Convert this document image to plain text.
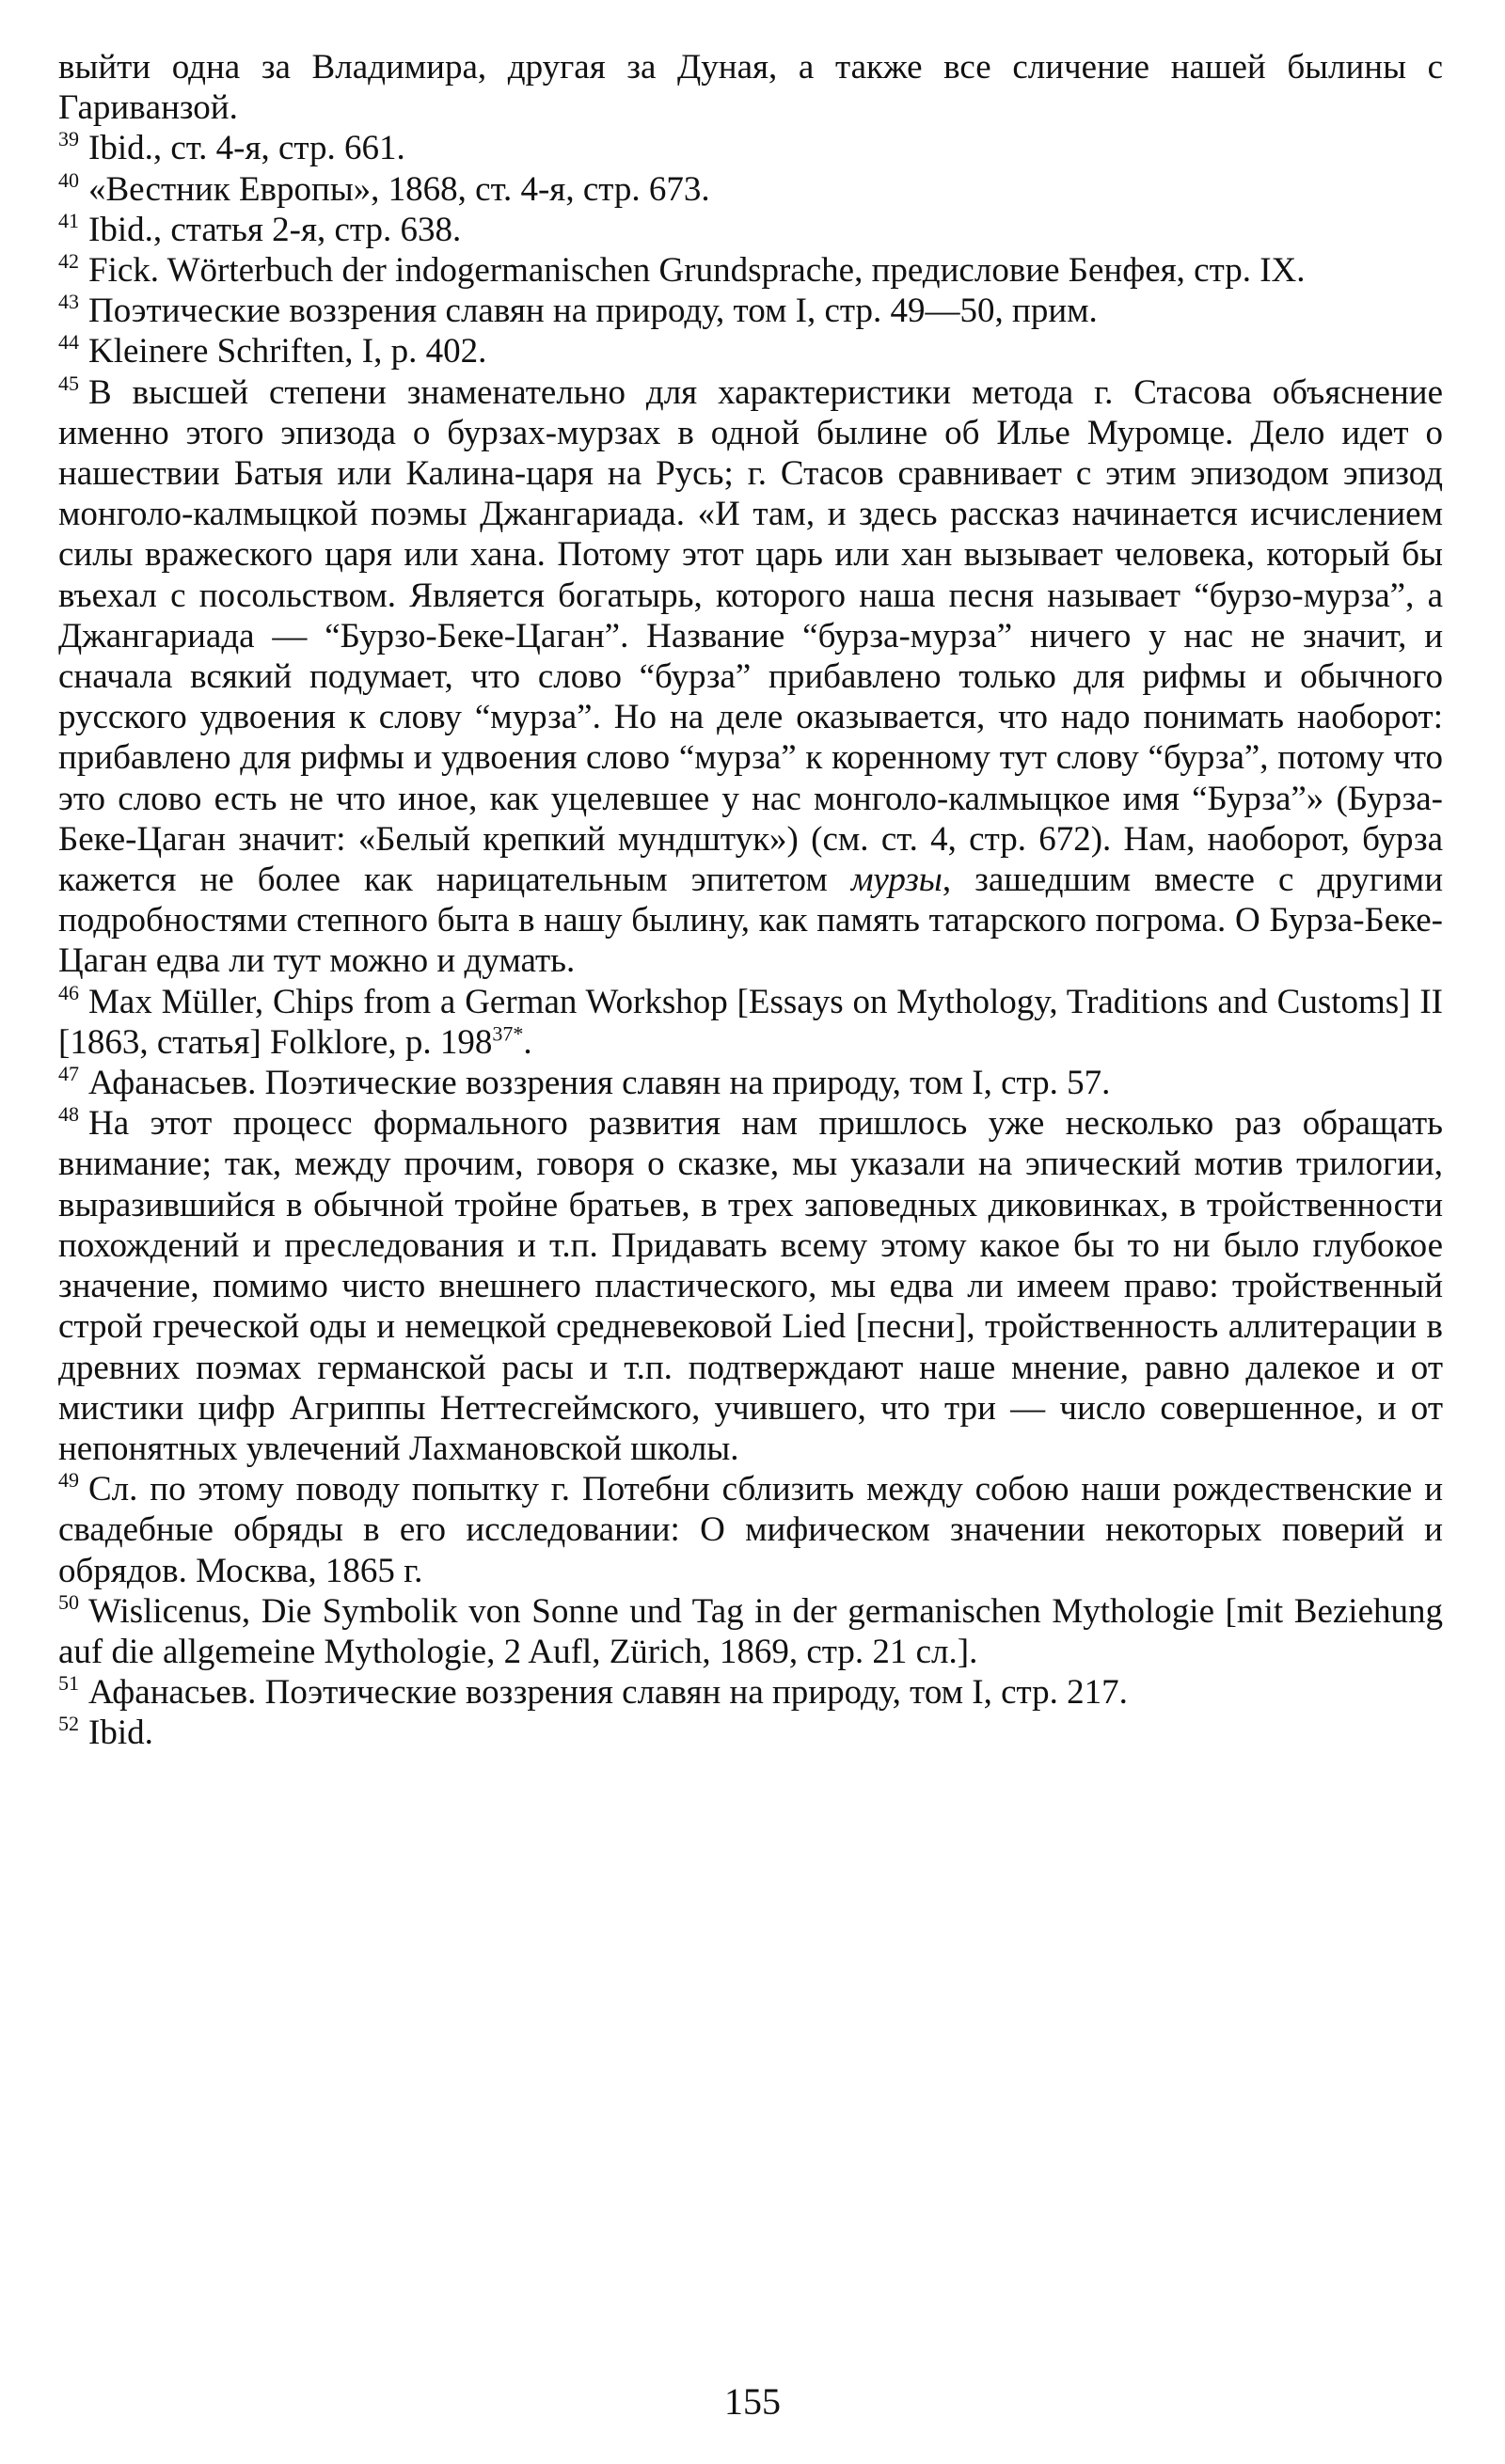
выйти одна за Владимира, другая за Дуная, а также все сличение нашей былины с Гаривaнзой.

$^{39}$ Ibid., ст. 4-я, стр. 661.

$^{40}$ «Вестник Европы», 1868, ст. 4-я, стр. 673.

$^{41}$ Ibid., статья 2-я, стр. 638.

$^{42}$ Fick. Wörterbuch der indogermanischen Grundsprache, предисловие Бенфея, стр. IX.

$^{43}$ Поэтические воззрения славян на природу, том I, стр. 49—50, прим.

$^{44}$ Kleinere Schriften, I, p. 402.

$^{45}$ В высшей степени знаменательно для характеристики метода г. Стасова объяснение именно этого эпизода о бурзах-мурзах в одной былине об Илье Муромце. Дело идет о нашествии Батыя или Калина-царя на Русь; г. Стасов сравнивает с этим эпизодом эпизод монголо-калмыцкой поэмы Джангариада. «И там, и здесь рассказ начинается исчислением силы вражеского царя или хана. Потому этот царь или хан вызывает человека, который бы въехал с посольством. Является богатырь, которого наша песня называет “бурзо-мурза”, а Джангариада — “Бурзо-Беке-Цаган”. Название “бурза-мурза” ничего у нас не значит, и сначала всякий подумает, что слово “бурза” прибавлено только для рифмы и обычного русского удвоения к слову “мурза”. Но на деле оказывается, что надо понимать наоборот: прибавлено для рифмы и удвоения слово “мурза” к коренному тут слову “бурза”, потому что это слово есть не что иное, как уцелевшее у нас монголо-калмыцкое имя “Бурза”» (Бурза-Беке-Цаган значит: «Белый крепкий мундштук») (см. ст. 4, стр. 672). Нам, наоборот, бурза кажется не более как нарицательным эпитетом мурзы, зашедшим вместе с другими подробностями степного быта в нашу былину, как память татарского погрома. О Бурза-Беке-Цаган едва ли тут можно и думать.

$^{46}$ Max Müller, Chips from a German Workshop [Essays on Mythology, Traditions and Customs] II [1863, статья] Folklore, p. $198^{37*}$.

$^{47}$ Афанасьев. Поэтические воззрения славян на природу, том I, стр. 57.

$^{48}$ На этот процесс формального развития нам пришлось уже несколько раз обращать внимание; так, между прочим, говоря о сказке, мы указали на эпический мотив трилогии, выразившийся в обычной тройне братьев, в трех заповедных диковинках, в тройственности похождений и преследования и т.п. Придавать всему этому какое бы то ни было глубокое значение, помимо чисто внешнего пластического, мы едва ли имеем право: тройственный строй греческой оды и немецкой средневековой Lied [песни], тройственность аллитерации в древних поэмах германской расы и т.п. подтверждают наше мнение, равно далекое и от мистики цифр Агриппы Неттесгеймского, учившего, что три — число совершенное, и от непонятных увлечений Лахмановской школы.

$^{49}$ Сл. по этому поводу попытку г. Потебни сблизить между собою наши рождественские и свадебные обряды в его исследовании: О мифическом значении некоторых поверий и обрядов. Москва, 1865 г.

$^{50}$ Wislicenus, Die Symbolik von Sonne und Tag in der germanischen Mythologie [mit Beziehung auf die allgemeine Mythologie, 2 Aufl, Zürich, 1869, стр. 21 сл.].

$^{51}$ Афанасьев. Поэтические воззрения славян на природу, том I, стр. 217.

$^{52}$ Ibid.

155
